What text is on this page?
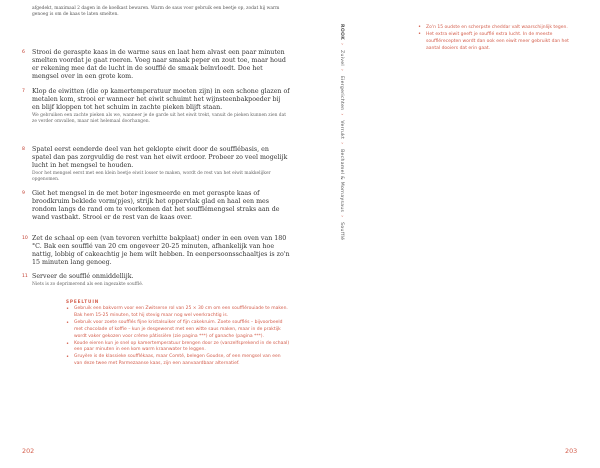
afgedekt, maximaal 2 dagen in de koelkast bewaren. Warm de saus voor gebruik een beetje op, zodat hij warm genoeg is om de kaas te laten smelten.
6 Strooi de geraspte kaas in de warme saus en laat hem alvast een paar minuten smelten voordat je gaat roeren. Voeg naar smaak peper en zout toe, maar houd er rekening mee dat de lucht in de soufflé de smaak beïnvloedt. Doe het mengsel over in een grote kom.
7 Klop de eiwitten (die op kamertemperatuur moeten zijn) in een schone glazen of metalen kom, strooi er wanneer het eiwit schuimt het wijnsteenbakpoeder bij en blijf kloppen tot het schuim in zachte pieken blijft staan.
We gebruiken een zachte pieken als we, wanneer je de garde uit het eiwit trekt, vanuit de pieken kunnen zien dat ze verder omvallen, maar niet helemaal doorhangen.
8 Spatel eerst eenderde deel van het geklopte eiwit door de soufflébasis, en spatel dan pas zorgvuldig de rest van het eiwit erdoor. Probeer zo veel mogelijk lucht in het mengsel te houden.
Door het mengsel eerst met een klein beetje eiwit losser te maken, wordt de rest van het eiwit makkelijker opgenomen.
9 Giet het mengsel in de met boter ingesmeerde en met geraspte kaas of broodkruim beklede vorm(pjes), strijk het oppervlak glad en haal een mes rondom langs de rand om te voorkomen dat het soufflémengsel straks aan de wand vastbakt. Strooi er de rest van de kaas over.
10 Zet de schaal op een (van tevoren verhitte bakplaat) onder in een oven van 180 °C. Bak een soufflé van 20 cm ongeveer 20-25 minuten, afhankelijk van hoe nattig, lobbig of cakeachtig je hem wilt hebben. In eenpersoonsschaaltjes is zo'n 15 minuten lang genoeg.
11 Serveer de soufflé onmiddellijk.
Niets is zo deprimerend als een ingezakte soufflé.
SPEELTUIN
•	Gebruik een bakvorm voor een Zwitserse rol van 25 × 30 cm om een soufflérouiade te maken. Bak hem 15-25 minuten, tot hij stevig maar nog wel veerkrachtig is.
•	Gebruik voor zoete soufflés fijne kristalsuiker of fijn cakekruim. Zoete soufflés – bijvoorbeeld met chocolade of koffie – kun je desgewenst met een witte saus maken, maar in de praktijk wordt vaker gekozen voor crème pâtissière (zie pagina ***) of ganache (pagina ***).
•	Koude eieren kun je snel op kamertemperatuur brengen door ze (vanzelfsprekend in de schaal) een paar minuten in een kom warm kraanwater te leggen.
•	Gruyère is de klassieke soufflékaas, maar Comté, belegen Goudse, of een mengsel van een van deze twee met Parmezaanse kaas, zijn een aanvaardbaar alternatief.
202
ROOK› Zuivel› Eiergerichten› Verrukt› Bechamel & Mornaysaus› Soufflé
•	Zo'n 15 oudste en scherpste cheddar valt waarschijnlijk tegen.
•	Het extra eiwit geeft je soufflé extra lucht. In de meeste soufflérecepten wordt dan ook een eiwit meer gebruikt dan het aantal dooiers dat erin gaat.
203
